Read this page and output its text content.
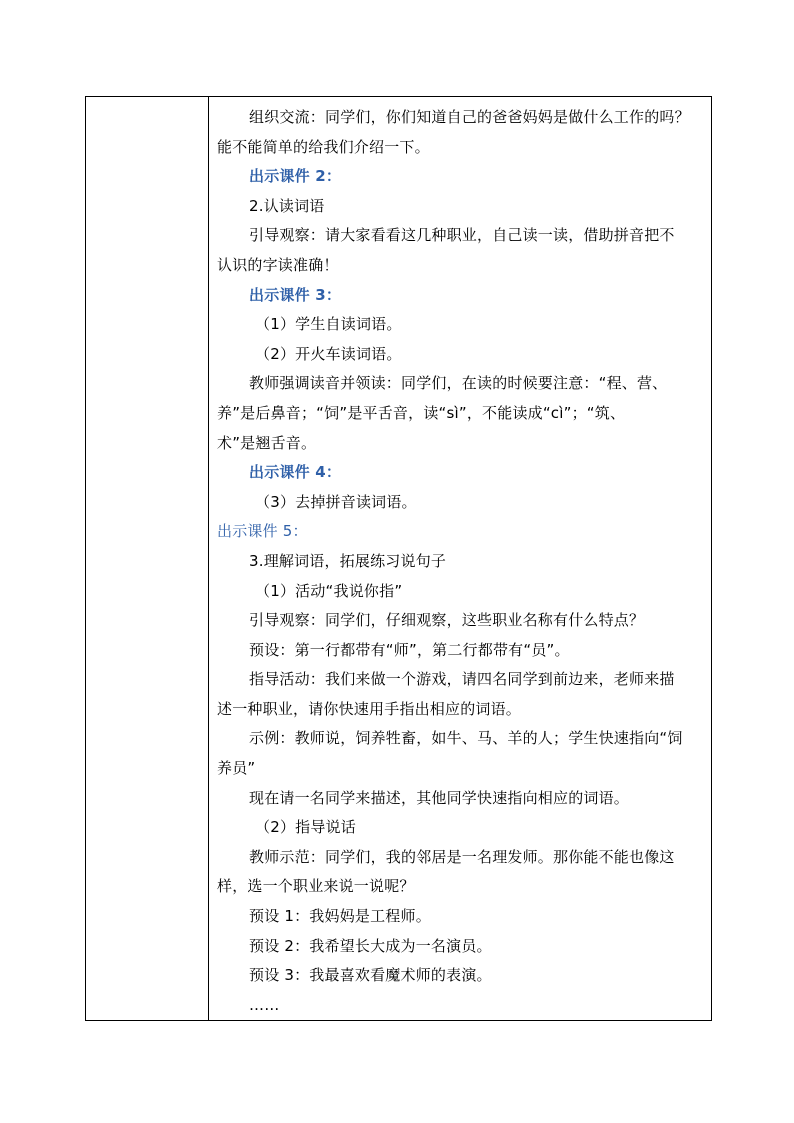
组织交流：同学们，你们知道自己的爸爸妈妈是做什么工作的吗？
能不能简单的给我们介绍一下。
出示课件 2：
2.认读词语
引导观察：请大家看看这几种职业，自己读一读，借助拼音把不
认识的字读准确！
出示课件 3：
（1）学生自读词语。
（2）开火车读词语。
教师强调读音并领读：同学们，在读的时候要注意：“程、营、
养”是后鼻音；“饲”是平舌音，读“sì”，不能读成“cì”；“筑、
术”是翘舌音。
出示课件 4：
（3）去掉拼音读词语。
出示课件 5：
3.理解词语，拓展练习说句子
（1）活动“我说你指”
引导观察：同学们，仔细观察，这些职业名称有什么特点？
预设：第一行都带有“师”，第二行都带有“员”。
指导活动：我们来做一个游戏，请四名同学到前边来，老师来描
述一种职业，请你快速用手指出相应的词语。
示例：教师说，饲养牲畜，如牛、马、羊的人；学生快速指向“饲
养员”
现在请一名同学来描述，其他同学快速指向相应的词语。
（2）指导说话
教师示范：同学们，我的邻居是一名理发师。那你能不能也像这
样，选一个职业来说一说呢？
预设 1：我妈妈是工程师。
预设 2：我希望长大成为一名演员。
预设 3：我最喜欢看魔术师的表演。
……
